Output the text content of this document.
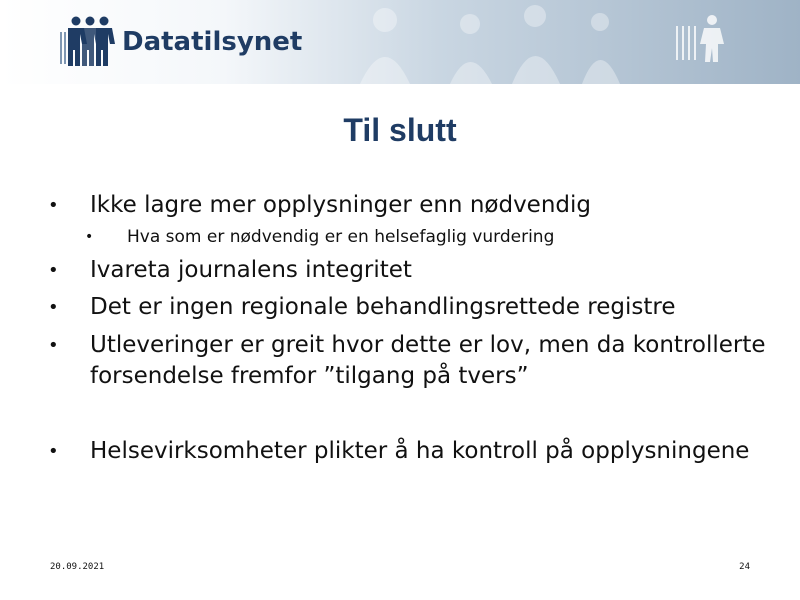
Datatilsynet
Til slutt
• Ikke lagre mer opplysninger enn nødvendig
• Hva som er nødvendig er en helsefaglig vurdering
• Ivareta journalens integritet
• Det er ingen regionale behandlingsrettede registre
• Utleveringer er greit hvor dette er lov, men da kontrollerte forsendelse fremfor ”tilgang på tvers”
• Helsevirksomheter plikter å ha kontroll på opplysningene
20.09.2021	24
